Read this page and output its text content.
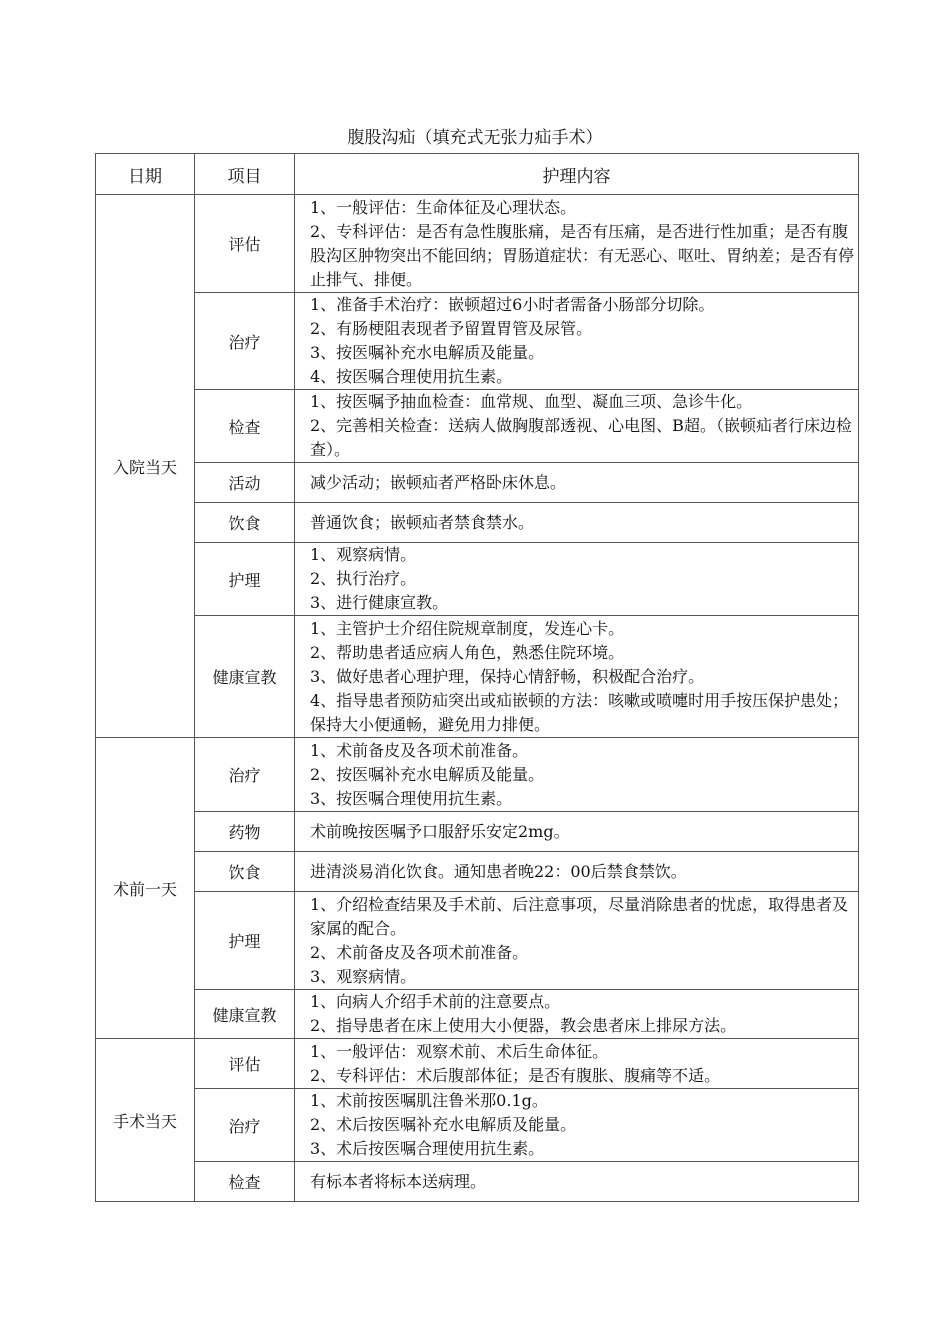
腹股沟疝（填充式无张力疝手术）
日期	项目	护理内容
入院当天	评估	1、一般评估：生命体征及心理状态。
2、专科评估：是否有急性腹胀痛，是否有压痛，是否进行性加重；是否有腹股沟区肿物突出不能回纳；胃肠道症状：有无恶心、呕吐、胃纳差；是否有停止排气、排便。

	治疗	1、准备手术治疗：嵌顿超过6小时者需备小肠部分切除。
2、有肠梗阻表现者予留置胃管及尿管。
3、按医嘱补充水电解质及能量。
4、按医嘱合理使用抗生素。

	检查	1、按医嘱予抽血检查：血常规、血型、凝血三项、急诊牛化。
2、完善相关检查：送病人做胸腹部透视、心电图、B超。（嵌顿疝者行床边检查）。

	活动	减少活动；嵌顿疝者严格卧床休息。

	饮食	普通饮食；嵌顿疝者禁食禁水。

	护理	1、观察病情。
2、执行治疗。
3、进行健康宣教。

	健康宣教	1、主管护士介绍住院规章制度，发连心卡。
2、帮助患者适应病人角色，熟悉住院环境。
3、做好患者心理护理，保持心情舒畅，积极配合治疗。
4、指导患者预防疝突出或疝嵌顿的方法：咳嗽或喷嚏时用手按压保护患处；保持大小便通畅，避免用力排便。

术前一天	治疗	1、术前备皮及各项术前准备。
2、按医嘱补充水电解质及能量。
3、按医嘱合理使用抗生素。

	药物	术前晚按医嘱予口服舒乐安定2mg。

	饮食	进清淡易消化饮食。通知患者晚22：00后禁食禁饮。

	护理	1、介绍检查结果及手术前、后注意事项，尽量消除患者的忧虑，取得患者及家属的配合。
2、术前备皮及各项术前准备。
3、观察病情。

	健康宣教	1、向病人介绍手术前的注意要点。
2、指导患者在床上使用大小便器，教会患者床上排尿方法。

手术当天	评估	1、一般评估：观察术前、术后生命体征。
2、专科评估：术后腹部体征；是否有腹胀、腹痛等不适。

	治疗	1、术前按医嘱肌注鲁米那0.1g。
2、术后按医嘱补充水电解质及能量。
3、术后按医嘱合理使用抗生素。

	检查	有标本者将标本送病理。
